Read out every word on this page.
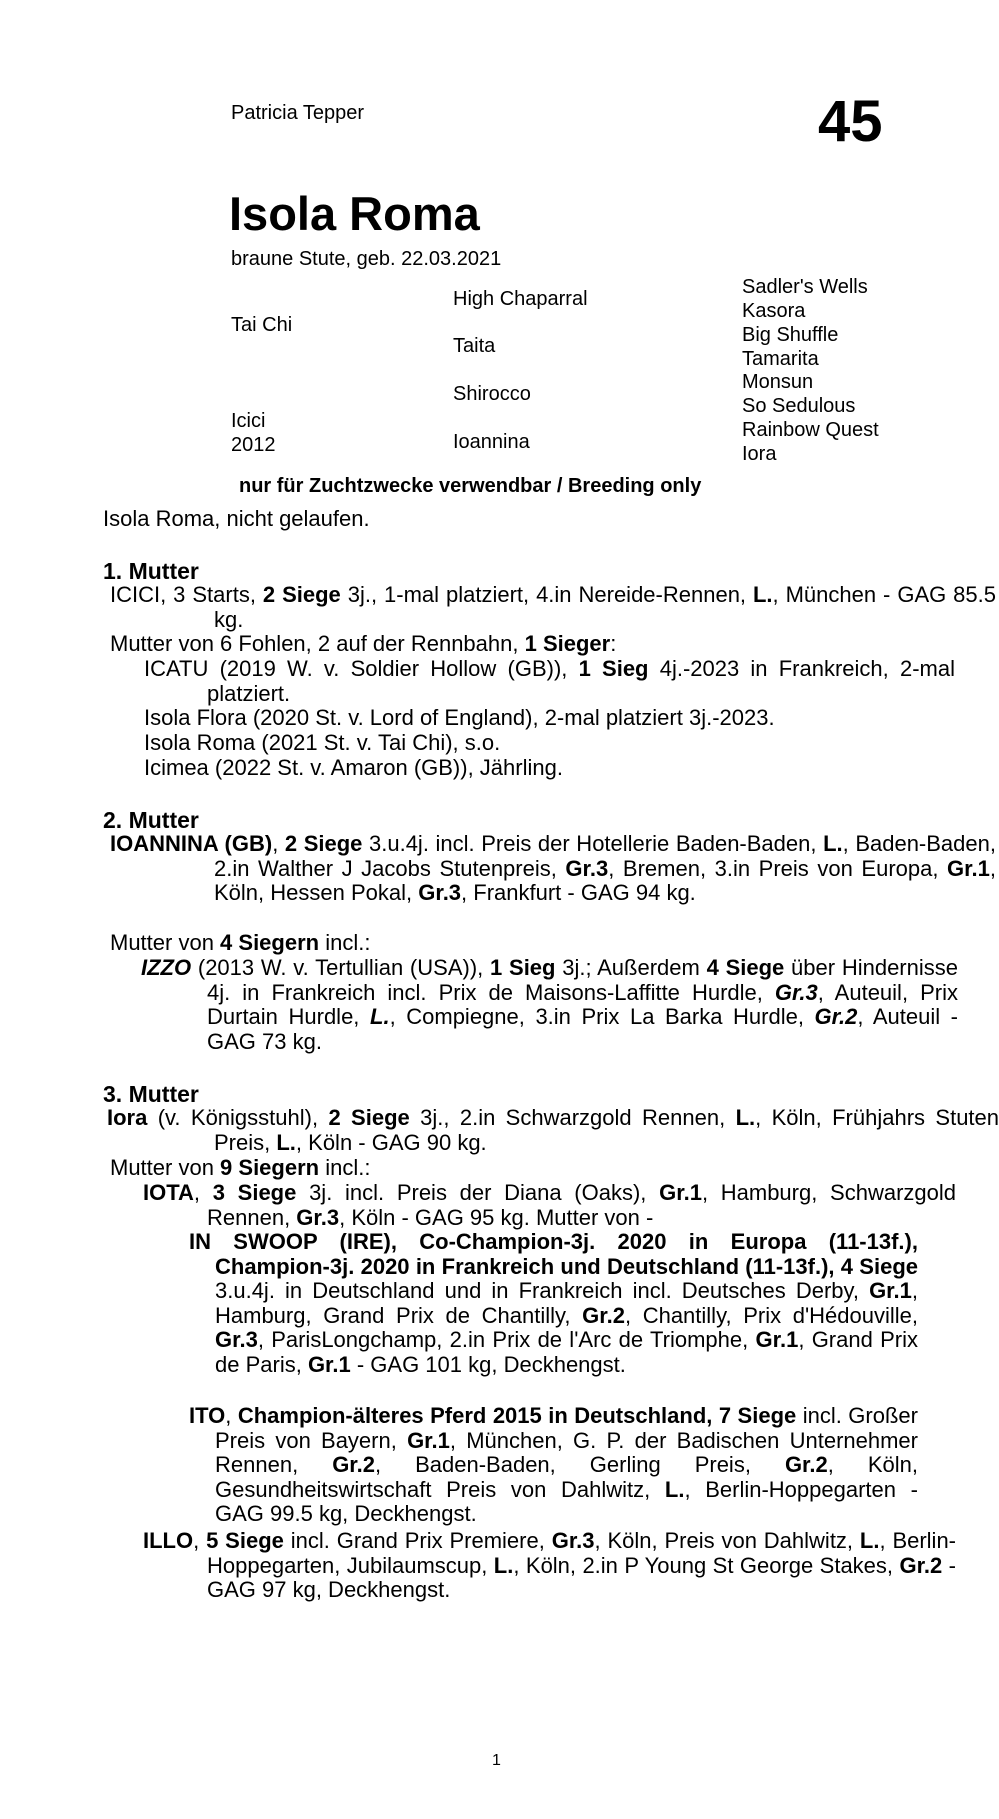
Patricia Tepper	45
Isola Roma
braune Stute, geb. 22.03.2021
Tai Chi
Icici
2012
High Chaparral
Taita
Shirocco
Ioannina
Sadler's Wells
Kasora
Big Shuffle
Tamarita
Monsun
So Sedulous
Rainbow Quest
Iora
nur für Zuchtzwecke verwendbar / Breeding only
Isola Roma, nicht gelaufen.
1. Mutter
ICICI, 3 Starts, 2 Siege 3j., 1-mal platziert, 4.in Nereide-Rennen, L., München - GAG 85.5 kg.
Mutter von 6 Fohlen, 2 auf der Rennbahn, 1 Sieger:
ICATU (2019 W. v. Soldier Hollow (GB)), 1 Sieg 4j.-2023 in Frankreich, 2-mal platziert.
Isola Flora (2020 St. v. Lord of England), 2-mal platziert 3j.-2023.
Isola Roma (2021 St. v. Tai Chi), s.o.
Icimea (2022 St. v. Amaron (GB)), Jährling.
2. Mutter
IOANNINA (GB), 2 Siege 3.u.4j. incl. Preis der Hotellerie Baden-Baden, L., Baden-Baden, 2.in Walther J Jacobs Stutenpreis, Gr.3, Bremen, 3.in Preis von Europa, Gr.1, Köln, Hessen Pokal, Gr.3, Frankfurt - GAG 94 kg.
Mutter von 4 Siegern incl.:
IZZO (2013 W. v. Tertullian (USA)), 1 Sieg 3j.; Außerdem 4 Siege über Hindernisse 4j. in Frankreich incl. Prix de Maisons-Laffitte Hurdle, Gr.3, Auteuil, Prix Durtain Hurdle, L., Compiegne, 3.in Prix La Barka Hurdle, Gr.2, Auteuil - GAG 73 kg.
3. Mutter
Iora (v. Königsstuhl), 2 Siege 3j., 2.in Schwarzgold Rennen, L., Köln, Frühjahrs Stuten Preis, L., Köln - GAG 90 kg.
Mutter von 9 Siegern incl.:
IOTA, 3 Siege 3j. incl. Preis der Diana (Oaks), Gr.1, Hamburg, Schwarzgold Rennen, Gr.3, Köln - GAG 95 kg. Mutter von -
IN SWOOP (IRE), Co-Champion-3j. 2020 in Europa (11-13f.), Champion-3j. 2020 in Frankreich und Deutschland (11-13f.), 4 Siege 3.u.4j. in Deutschland und in Frankreich incl. Deutsches Derby, Gr.1, Hamburg, Grand Prix de Chantilly, Gr.2, Chantilly, Prix d'Hédouville, Gr.3, ParisLongchamp, 2.in Prix de l'Arc de Triomphe, Gr.1, Grand Prix de Paris, Gr.1 - GAG 101 kg, Deckhengst.
ITO, Champion-älteres Pferd 2015 in Deutschland, 7 Siege incl. Großer Preis von Bayern, Gr.1, München, G. P. der Badischen Unternehmer Rennen, Gr.2, Baden-Baden, Gerling Preis, Gr.2, Köln, Gesundheitswirtschaft Preis von Dahlwitz, L., Berlin-Hoppegarten - GAG 99.5 kg, Deckhengst.
ILLO, 5 Siege incl. Grand Prix Premiere, Gr.3, Köln, Preis von Dahlwitz, L., Berlin-Hoppegarten, Jubilaumscup, L., Köln, 2.in P Young St George Stakes, Gr.2 - GAG 97 kg, Deckhengst.
1
